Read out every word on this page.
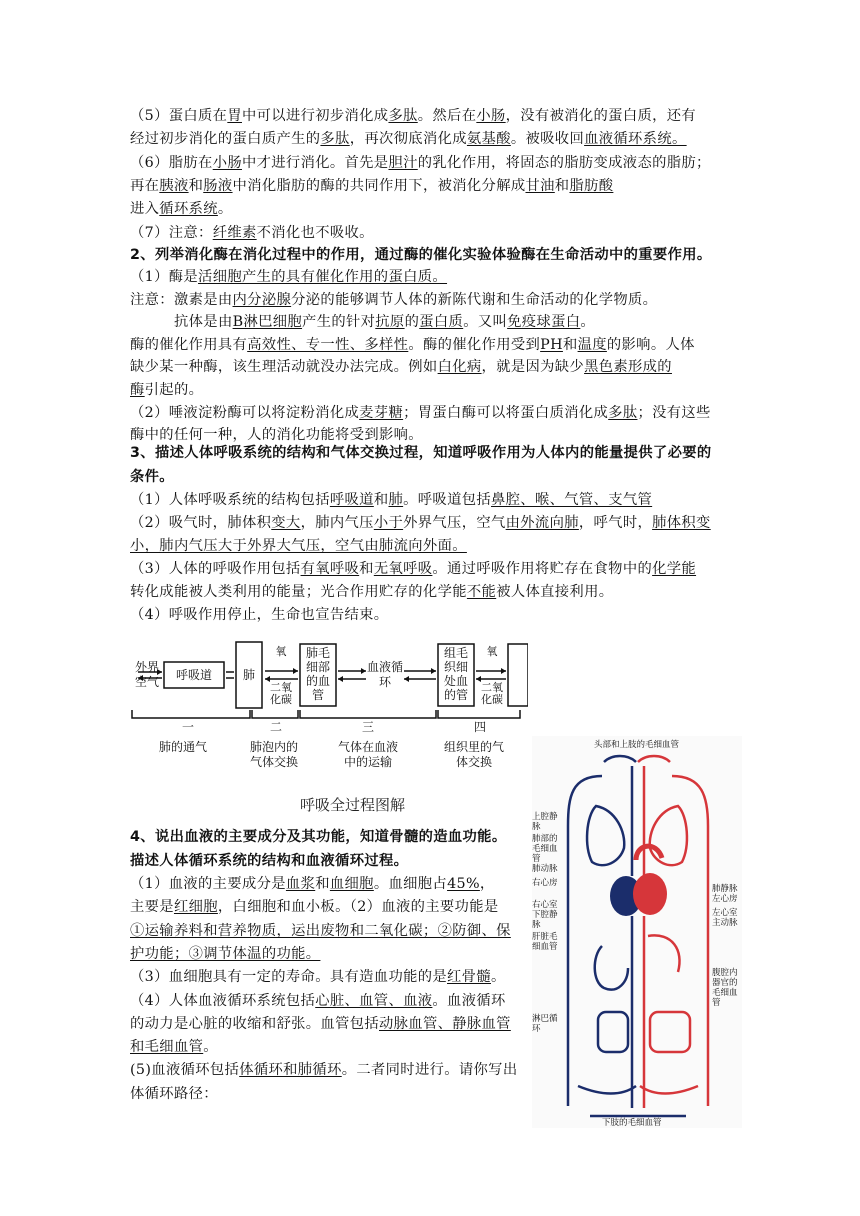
（5）蛋白质在胃中可以进行初步消化成多肽。然后在小肠，没有被消化的蛋白质，还有
经过初步消化的蛋白质产生的多肽，再次彻底消化成氨基酸。被吸收回血液循环系统。
（6）脂肪在小肠中才进行消化。首先是胆汁的乳化作用，将固态的脂肪变成液态的脂肪；
再在胰液和肠液中消化脂肪的酶的共同作用下，被消化分解成甘油和脂肪酸
进入循环系统。
（7）注意：纤维素不消化也不吸收。
2、列举消化酶在消化过程中的作用，通过酶的催化实验体验酶在生命活动中的重要作用。
（1）酶是活细胞产生的具有催化作用的蛋白质。
注意：激素是由内分泌腺分泌的能够调节人体的新陈代谢和生命活动的化学物质。
抗体是由B淋巴细胞产生的针对抗原的蛋白质。又叫免疫球蛋白。
酶的催化作用具有高效性、专一性、多样性。酶的催化作用受到PH和温度的影响。人体
缺少某一种酶，该生理活动就没办法完成。例如白化病，就是因为缺少黑色素形成的
酶引起的。
（2）唾液淀粉酶可以将淀粉消化成麦芽糖；胃蛋白酶可以将蛋白质消化成多肽；没有这些
酶中的任何一种，人的消化功能将受到影响。
3、描述人体呼吸系统的结构和气体交换过程，知道呼吸作用为人体内的能量提供了必要的
条件。
（1）人体呼吸系统的结构包括呼吸道和肺。呼吸道包括鼻腔、喉、气管、支气管
（2）吸气时，肺体积变大，肺内气压小于外界气压，空气由外流向肺，呼气时，肺体积变
小，肺内气压大于外界大气压，空气由肺流向外面。
（3）人体的呼吸作用包括有氧呼吸和无氧呼吸。通过呼吸作用将贮存在食物中的化学能
转化成能被人类利用的能量；光合作用贮存的化学能不能被人体直接利用。
（4）呼吸作用停止，生命也宣告结束。
外界空气	呼吸道	肺
氧
二氧化碳
肺毛细部的血管
血液循环
组毛织细处血的管
氧
二氧化碳
一	二	三	四
肺的通气	肺泡内的气体交换
气体在血液中的运输
组织里的气体交换
呼吸全过程图解
4、说出血液的主要成分及其功能，知道骨髓的造血功能。
描述人体循环系统的结构和血液循环过程。
（1）血液的主要成分是血浆和血细胞。血细胞占45%，
主要是红细胞，白细胞和血小板。（2）血液的主要功能是
①运输养料和营养物质，运出废物和二氧化碳；②防御、保
护功能；③调节体温的功能。
（3）血细胞具有一定的寿命。具有造血功能的是红骨髓。
（4）人体血液循环系统包括心脏、血管、血液。血液循环
的动力是心脏的收缩和舒张。血管包括动脉血管、静脉血管
和毛细血管。
(5)血液循环包括体循环和肺循环。二者同时进行。请你写出
体循环路径：
头部和上肢的毛细血管
上腔静脉
肺部的毛细血管
肺动脉
右心房
右心室
下腔静脉
肝脏毛细血管
淋巴循环
肺静脉
左心房
左心室
主动脉
腹腔内器官的毛细血管
下肢的毛细血管
